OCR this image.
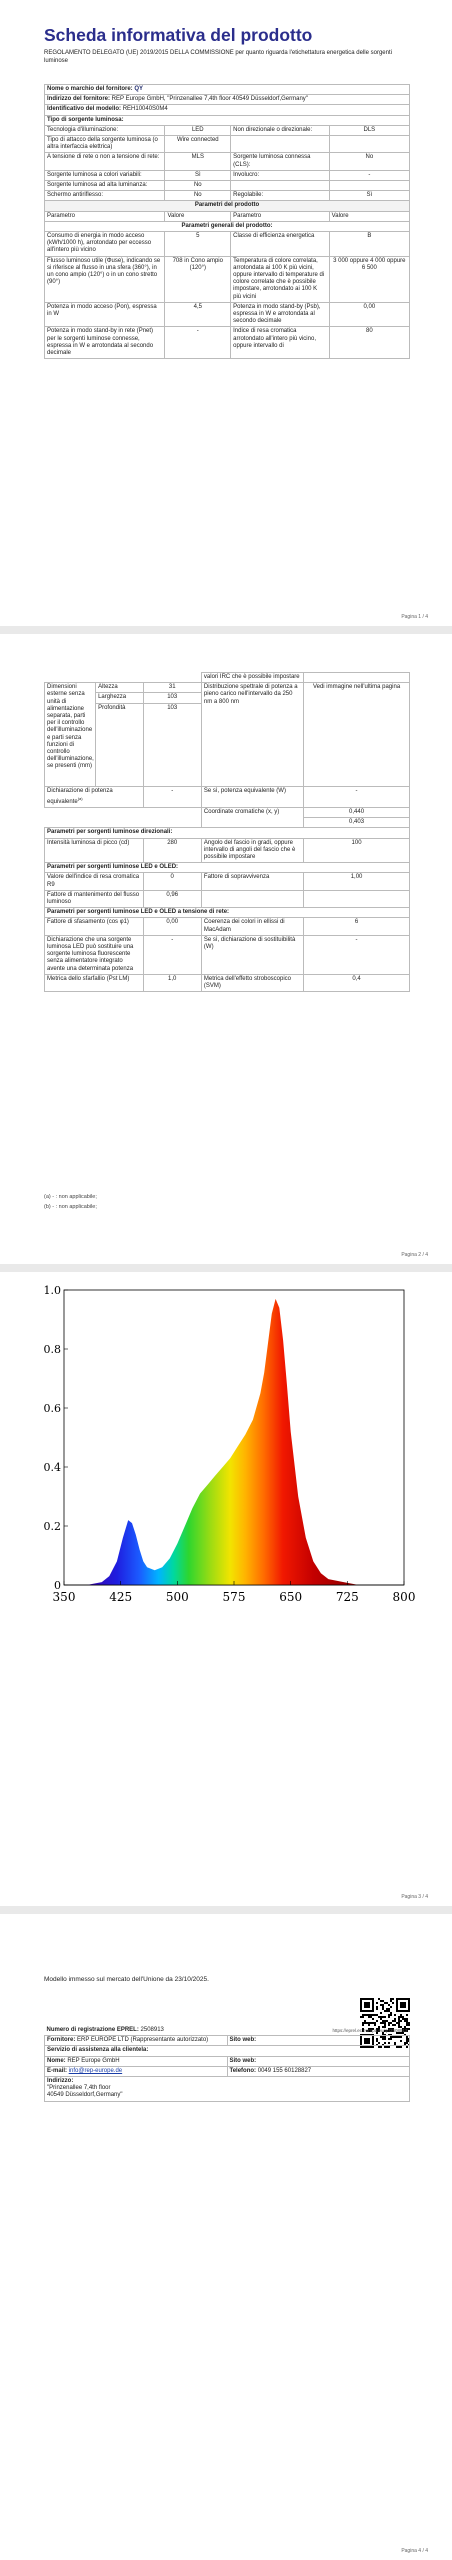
Scheda informativa del prodotto
REGOLAMENTO DELEGATO (UE) 2019/2015 DELLA COMMISSIONE per quanto riguarda l'etichettatura energetica delle sorgenti luminose
Nome o marchio del fornitore: QY			
Indirizzo del fornitore: REP Europe GmbH, "Prinzenallee 7,4th floor 40549 Düsseldorf,Germany"			
Identificativo del modello: REH10040S0M4			
Tipo di sorgente luminosa:			
Tecnologia d'illuminazione:	LED	Non direzionale o direzionale:	DLS
Tipo di attacco della sorgente luminosa (o altra interfaccia elettrica)	Wire connected		
A tensione di rete o non a tensione di rete:	MLS	Sorgente luminosa connessa (CLS):	No
Sorgente luminosa a colori variabili:	Sì	Involucro:	-
Sorgente luminosa ad alta luminanza:	No		
Schermo antiriflesso:	No	Regolabile:	Sì
Parametri del prodotto			
Parametro	Valore	Parametro	Valore
Parametri generali del prodotto:			
Consumo di energia in modo acceso (kWh/1000 h), arrotondato per eccesso all'intero più vicino	5	Classe di efficienza energetica	B
Flusso luminoso utile (Φuse), indicando se si riferisce al flusso in una sfera (360°), in un cono ampio (120°) o in un cono stretto (90°)	708 in Cono ampio (120°)	Temperatura di colore correlata, arrotondata ai 100 K più vicini, oppure intervallo di temperature di colore correlate che è possibile impostare, arrotondato ai 100 K più vicini	3 000 oppure 4 000 oppure 6 500
Potenza in modo acceso (Pon), espressa in W	4,5	Potenza in modo stand-by (Psb), espressa in W e arrotondata al secondo decimale	0,00
Potenza in modo stand-by in rete (Pnet) per le sorgenti luminose connesse, espressa in W e arrotondata al secondo decimale	-	Indice di resa cromatica arrotondato all'intero più vicino, oppure intervallo di	80
Pagina 1 / 4
			valori IRC che è possibile impostare	
Dimensioni esterne senza unità di alimentazione separata, parti per il controllo dell'illuminazione e parti senza funzioni di controllo dell'illuminazione, se presenti (mm)	Altezza	31	Distribuzione spettrale di potenza a pieno carico nell'intervallo da 250 nm a 800 nm	Vedi immagine nell'ultima pagina
	Larghezza	103		
	Profondità	103		
Dichiarazione di potenza equivalente$^{(a)}$		-	Se sì, potenza equivalente (W)	-
			Coordinate cromatiche (x, y)	0,440
				0,403
Parametri per sorgenti luminose direzionali:				
Intensità luminosa di picco (cd)		280	Angolo del fascio in gradi, oppure intervallo di angoli del fascio che è possibile impostare	100
Parametri per sorgenti luminose LED e OLED:				
Valore dell'indice di resa cromatica R9		0	Fattore di sopravvivenza	1,00
Fattore di mantenimento del flusso luminoso		0,96		
Parametri per sorgenti luminose LED e OLED a tensione di rete:				
Fattore di sfasamento (cos φ1)		0,00	Coerenza dei colori in ellissi di MacAdam	6
Dichiarazione che una sorgente luminosa LED può sostituire una sorgente luminosa fluorescente senza alimentatore integrato avente una determinata potenza		-	Se sì, dichiarazione di sostituibilità (W)	-
Metrica dello sfarfallio (Pst LM)		1,0	Metrica dell'effetto stroboscopico (SVM)	0,4
(a) - : non applicabile;
(b) - : non applicabile;
Pagina 2 / 4
0
0.2
0.4
0.6
0.8
1.0
350	425	500	575	650	725	800
Pagina 3 / 4
Modello immesso sul mercato dell'Unione da 23/10/2025.
Numero di registrazione EPREL: 2508913 https://eprel.ec.europa.eu/qr/2508913	

Fornitore: ERP EUROPE LTD (Rappresentante autorizzato)	Sito web:
Servizio di assistenza alla clientela:	
Nome: REP Europe GmbH	Sito web:
E-mail: info@rep-europe.de	Telefono: 0049 155 60128827

Indirizzo:
"Prinzenallee 7,4th floor
40549 Düsseldorf,Germany"	
Pagina 4 / 4
